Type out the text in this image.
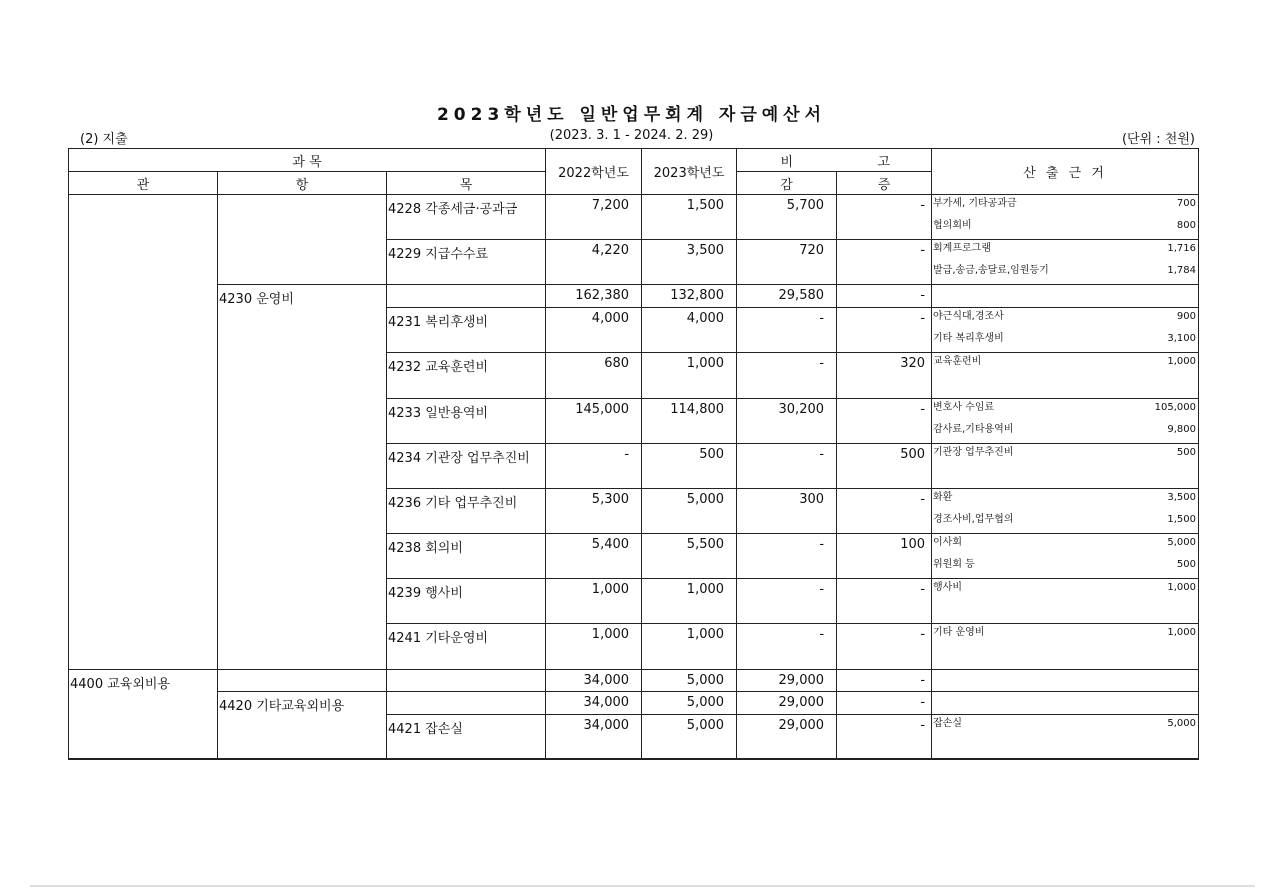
2023학년도 일반업무회계 자금예산서
(2) 지출	(2023. 3. 1 - 2024. 2. 29)	(단위 : 천원)
과 목			2022학년도	2023학년도	비	고	산 출 근 거
관	항	목			감	증	
		4228 각종세금·공과금	7,200	1,500	5,700	-	부가세, 기타공과금 700
협의회비 800

		4229 지급수수료	4,220	3,500	720	-	회계프로그램 1,716
발급,송금,송달료,임원등기 1,784

	4230 운영비		162,380	132,800	29,580	-	
		4231 복리후생비	4,000	4,000	-	-	야근식대,경조사 900
기타 복리후생비 3,100

		4232 교육훈련비	680	1,000	-	320	교육훈련비 1,000

		4233 일반용역비	145,000	114,800	30,200	-	변호사 수임료 105,000
감사료,기타용역비 9,800

		4234 기관장 업무추진비	-	500	-	500	기관장 업무추진비 500

		4236 기타 업무추진비	5,300	5,000	300	-	화환 3,500
경조사비,업무협의 1,500

		4238 회의비	5,400	5,500	-	100	이사회 5,000
위원회 등 500

		4239 행사비	1,000	1,000	-	-	행사비 1,000

		4241 기타운영비	1,000	1,000	-	-	기타 운영비 1,000

4400 교육외비용			34,000	5,000	29,000	-	
	4420 기타교육외비용		34,000	5,000	29,000	-	
		4421 잡손실	34,000	5,000	29,000	-	잡손실 5,000
